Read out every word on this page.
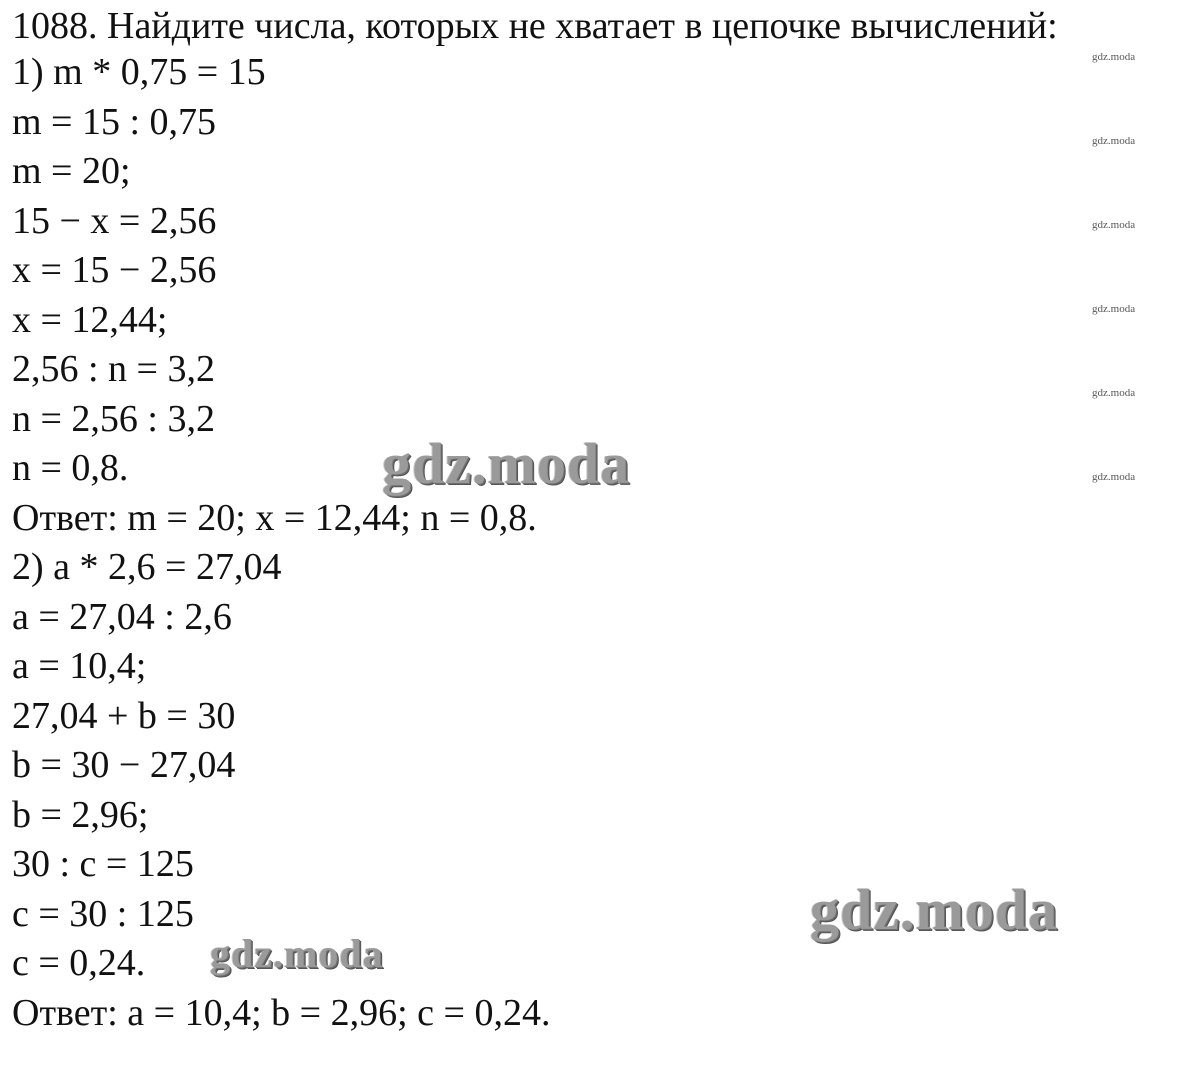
1088. Найдите числа, которых не хватает в цепочке вычислений:
1) m * 0,75 = 15
m = 15 : 0,75
m = 20;
15 − x = 2,56
x = 15 − 2,56
x = 12,44;
2,56 : n = 3,2
n = 2,56 : 3,2
n = 0,8.
Ответ: m = 20; x = 12,44; n = 0,8.
2) a * 2,6 = 27,04
a = 27,04 : 2,6
a = 10,4;
27,04 + b = 30
b = 30 − 27,04
b = 2,96;
30 : c = 125
c = 30 : 125
c = 0,24.
Ответ: a = 10,4; b = 2,96; c = 0,24.
gdz.moda
gdz.moda
gdz.moda
gdz.moda
gdz.moda
gdz.moda
gdz.moda
gdz.moda
gdz.moda
